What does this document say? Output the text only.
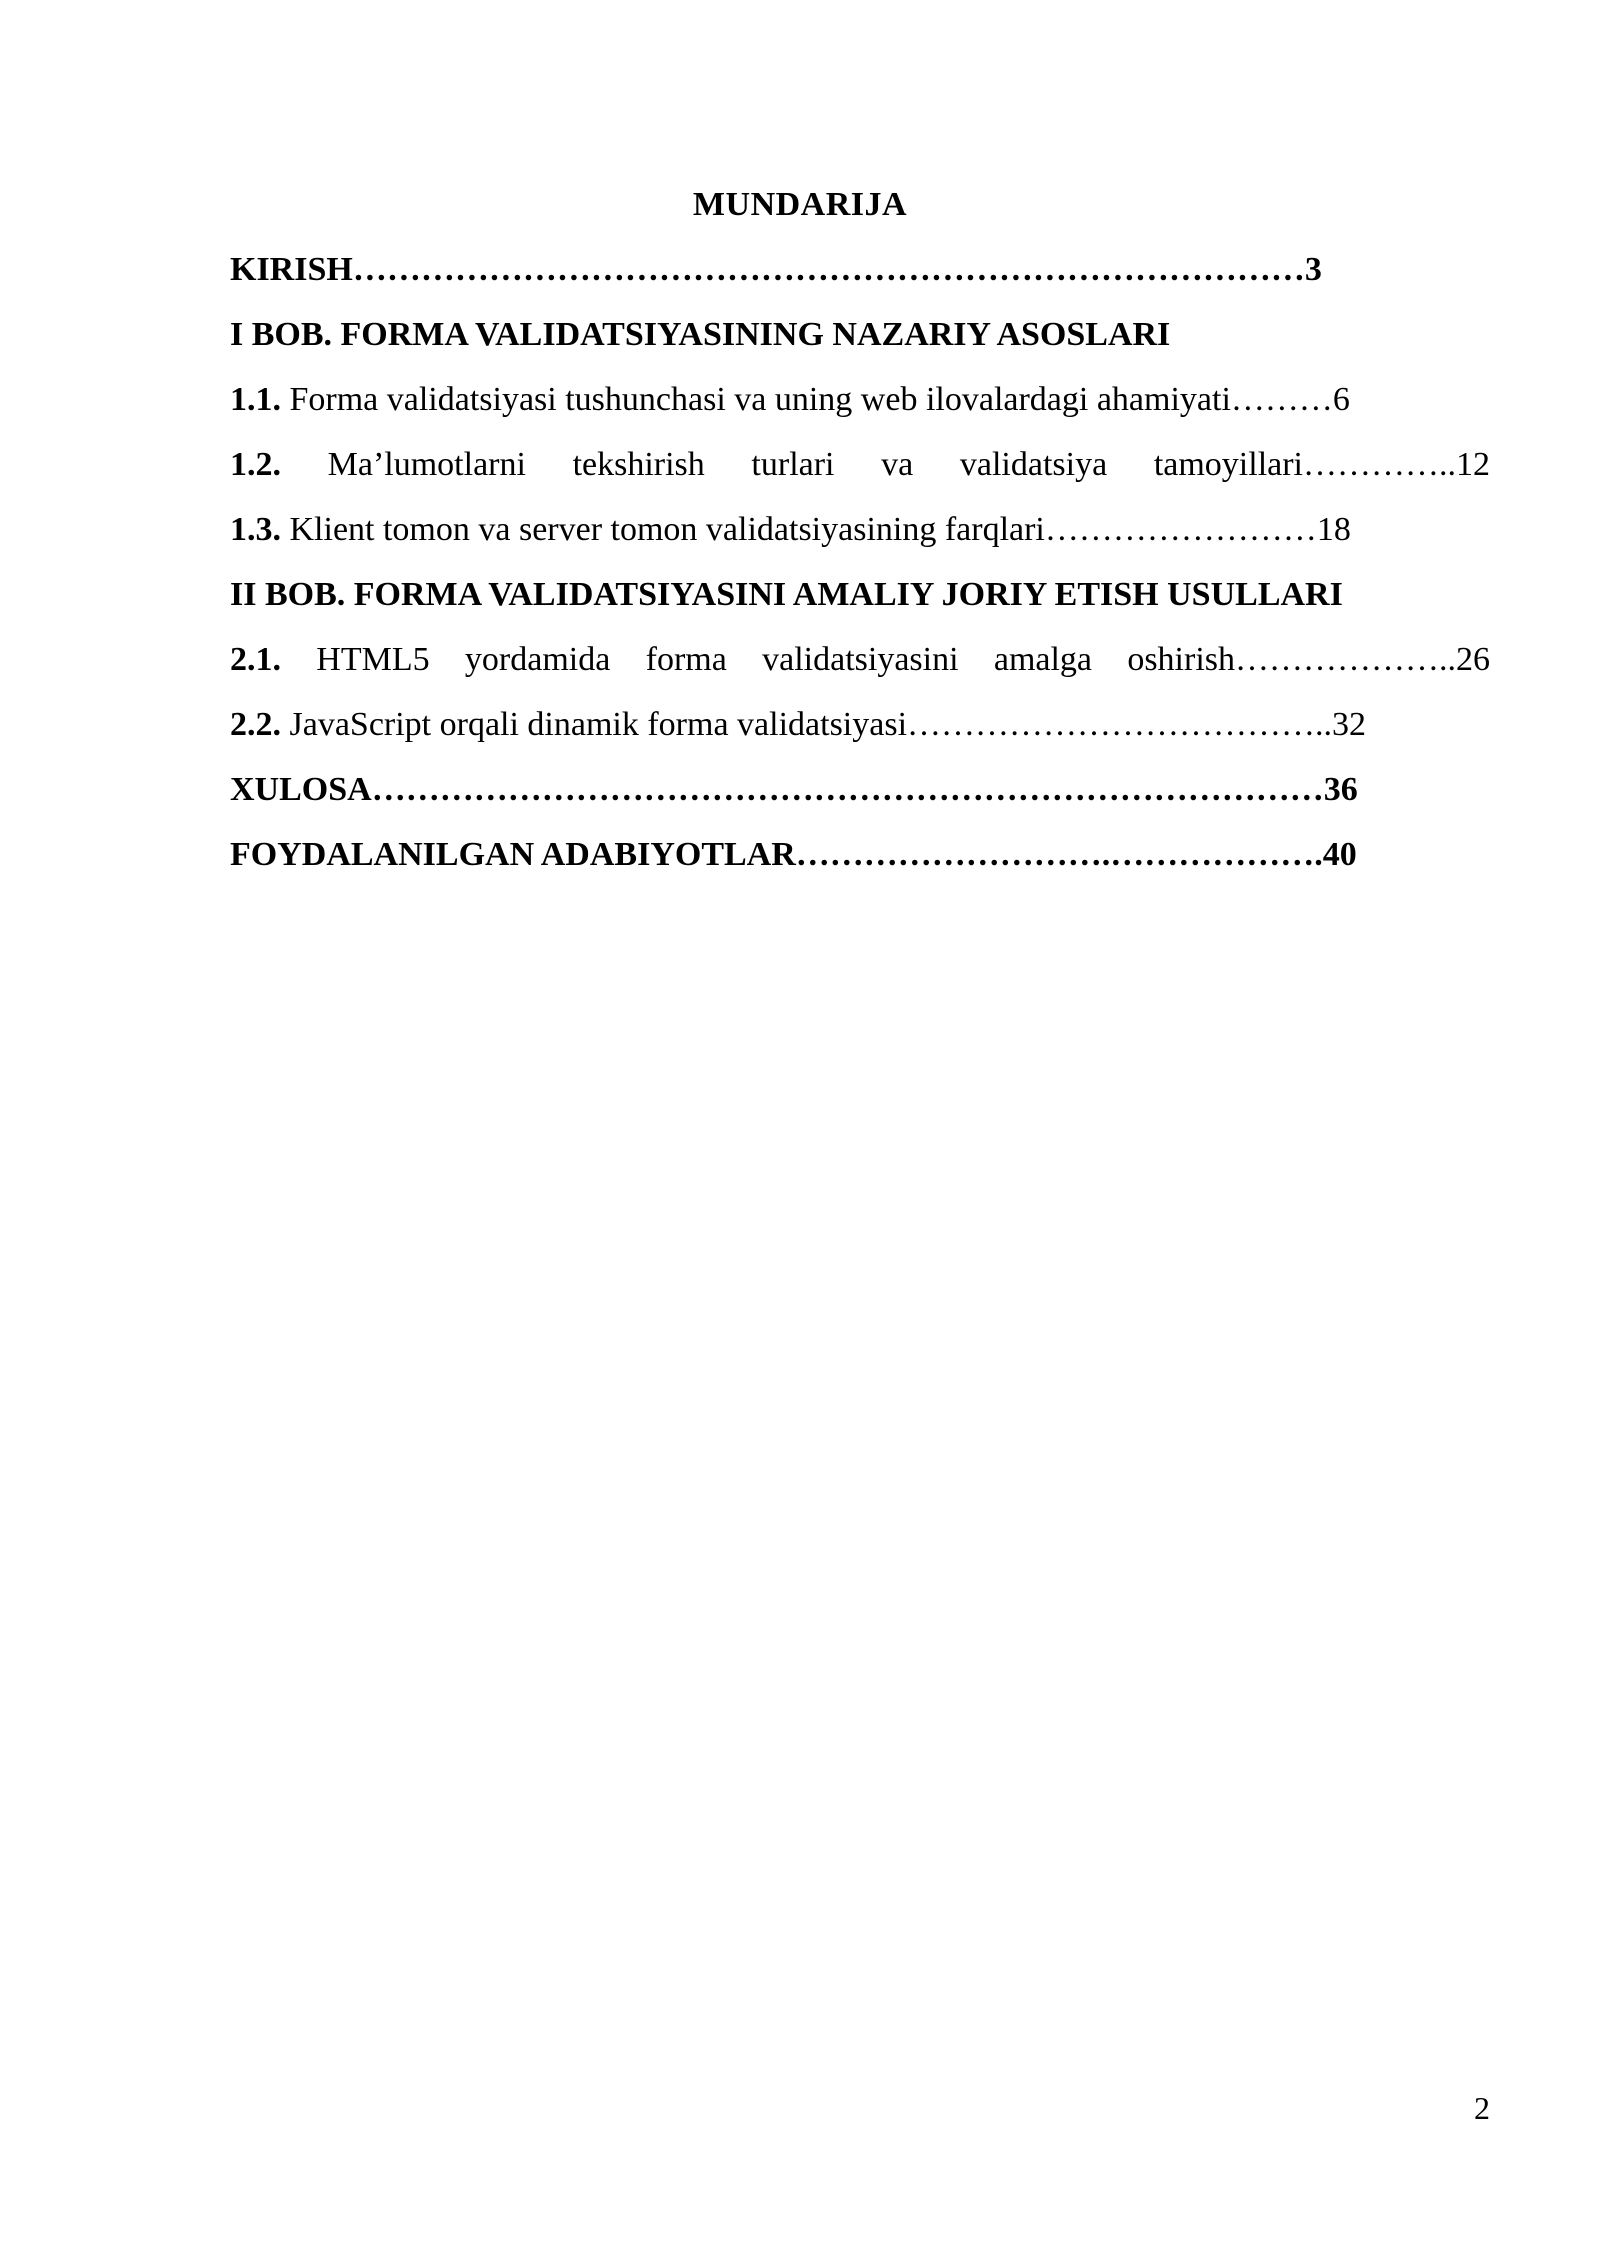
MUNDARIJA
KIRISH…………………………………………………………………………3
I BOB. FORMA VALIDATSIYASINING NAZARIY ASOSLARI
1.1. Forma validatsiyasi tushunchasi va uning web ilovalardagi ahamiyati………6
1.2. Ma’lumotlarni tekshirish turlari va validatsiya tamoyillari…………..12
1.3. Klient tomon va server tomon validatsiyasining farqlari……………………18
II BOB. FORMA VALIDATSIYASINI AMALIY JORIY ETISH USULLARI
2.1. HTML5 yordamida forma validatsiyasini amalga oshirish………………..26
2.2. JavaScript orqali dinamik forma validatsiyasi………………………………..32
XULOSA…………………………………………………………………………36
FOYDALANILGAN ADABIYOTLAR……………………….……………….40
2
